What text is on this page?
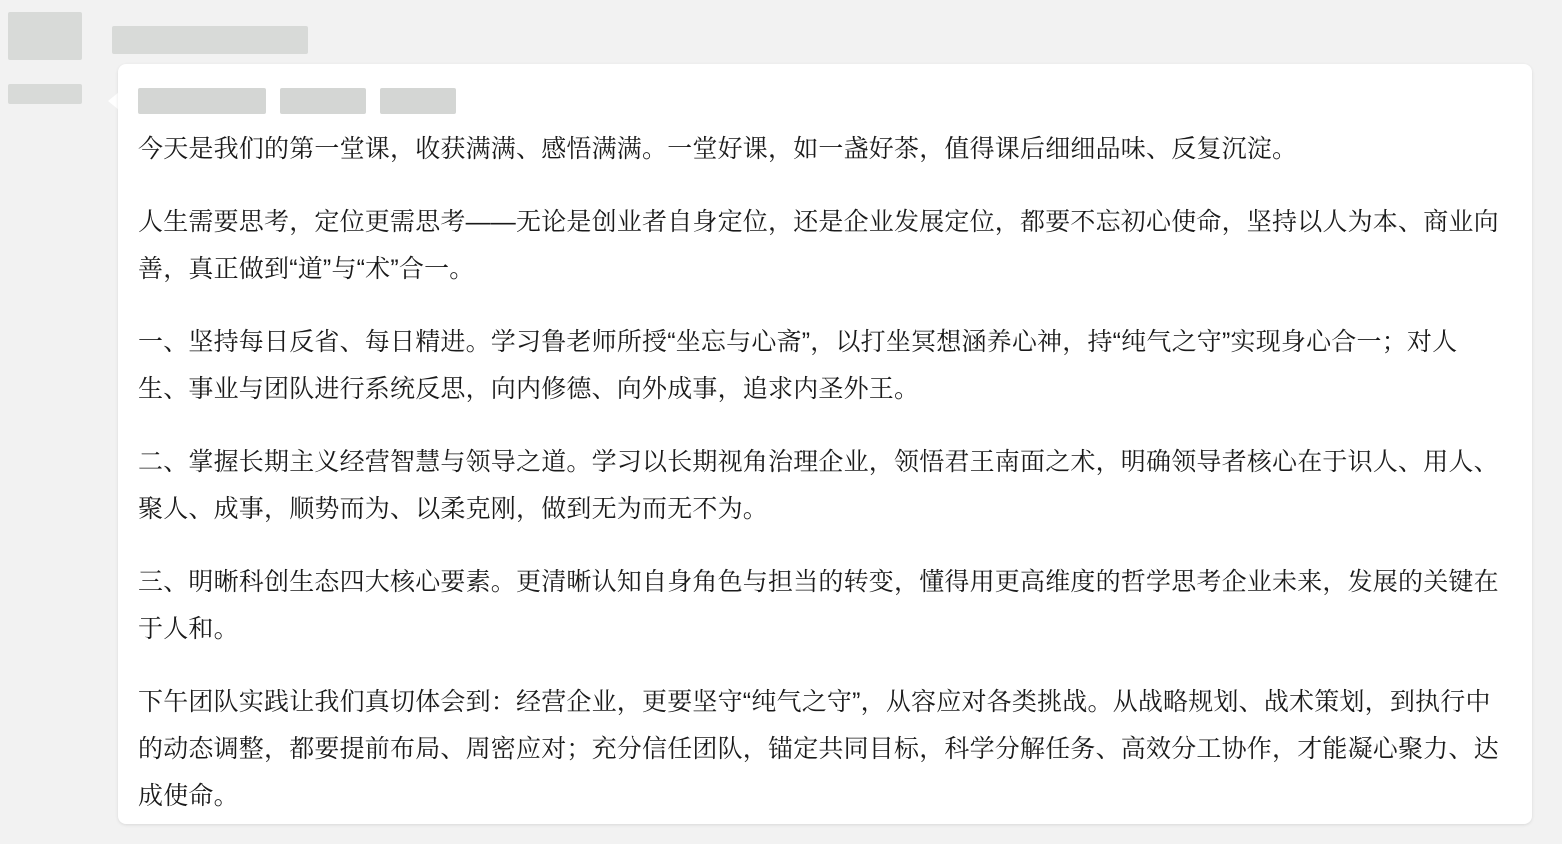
今天是我们的第一堂课，收获满满、感悟满满。一堂好课，如一盏好茶，值得课后细细品味、反复沉淀。

人生需要思考，定位更需思考——无论是创业者自身定位，还是企业发展定位，都要不忘初心使命，坚持以人为本、商业向善，真正做到“道”与“术”合一。

一、坚持每日反省、每日精进。学习鲁老师所授“坐忘与心斋”，以打坐冥想涵养心神，持“纯气之守”实现身心合一；对人生、事业与团队进行系统反思，向内修德、向外成事，追求内圣外王。

二、掌握长期主义经营智慧与领导之道。学习以长期视角治理企业，领悟君王南面之术，明确领导者核心在于识人、用人、聚人、成事，顺势而为、以柔克刚，做到无为而无不为。

三、明晰科创生态四大核心要素。更清晰认知自身角色与担当的转变，懂得用更高维度的哲学思考企业未来，发展的关键在于人和。

下午团队实践让我们真切体会到：经营企业，更要坚守“纯气之守”，从容应对各类挑战。从战略规划、战术策划，到执行中的动态调整，都要提前布局、周密应对；充分信任团队，锚定共同目标，科学分解任务、高效分工协作，才能凝心聚力、达成使命。
